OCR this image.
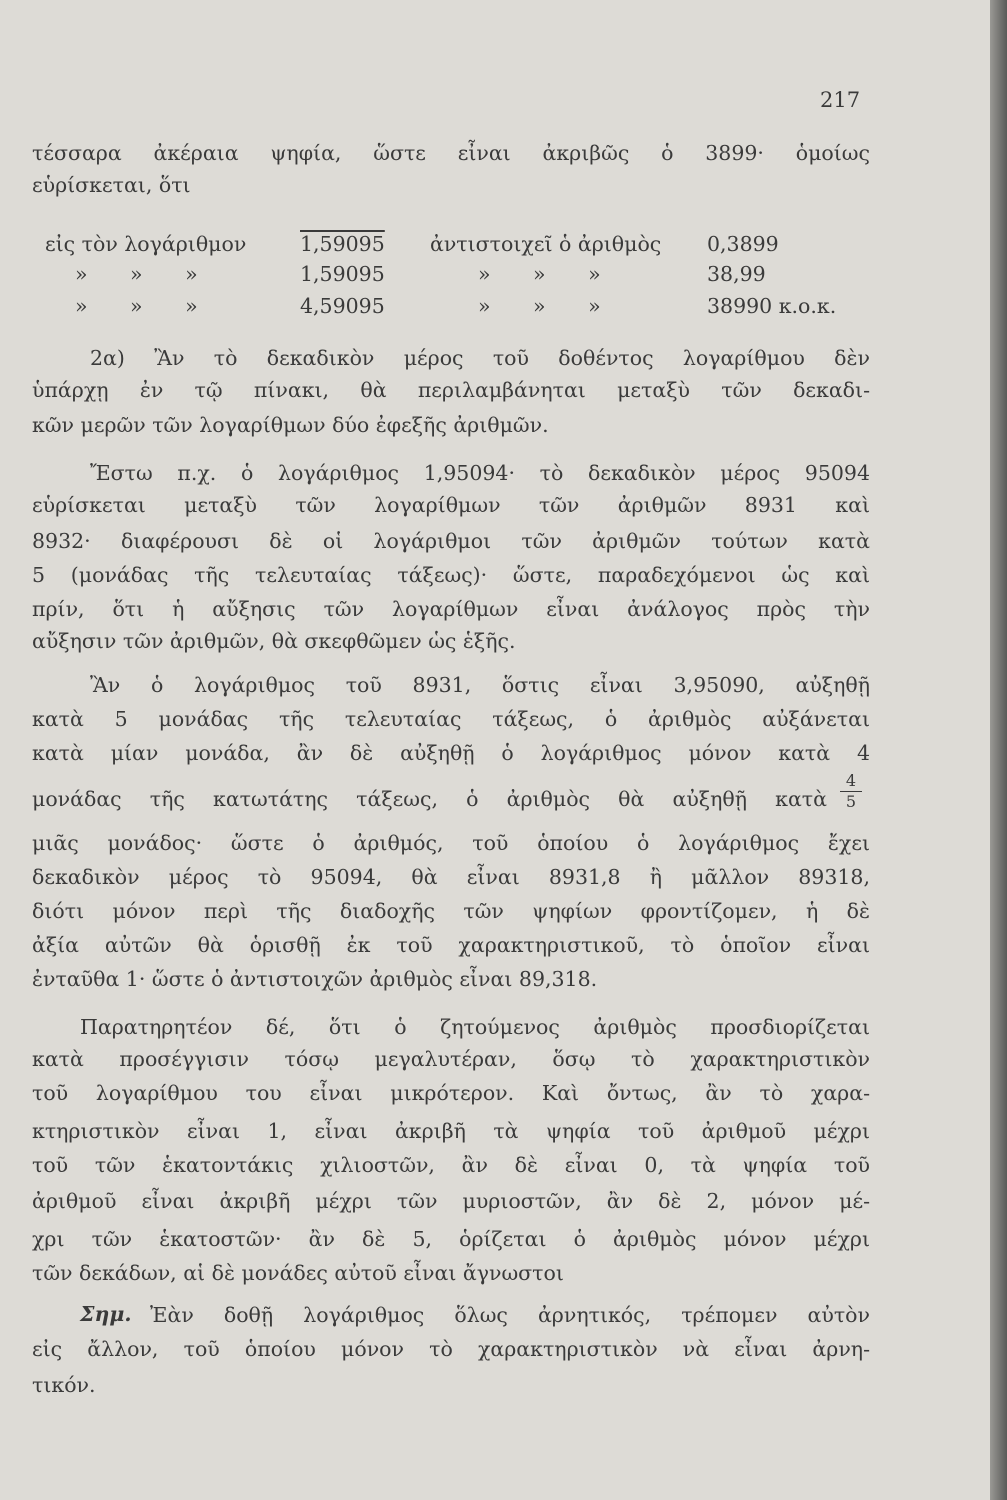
217
τέσσαρα ἀκέραια ψηφία, ὥστε εἶναι ἀκριβῶς ὁ 3899· ὁμοίως
εὑρίσκεται, ὅτι
εἰς τὸν λογάριθμον	1,59095 ἀντιστοιχεῖ ὁ ἀριθμὸς 0,3899
» » »	1,59095	» » »	38,99
» » »	4,59095	» » »	38990 κ.ο.κ.
2α) Ἂν τὸ δεκαδικὸν μέρος τοῦ δοθέντος λογαρίθμου δὲν
ὑπάρχῃ ἐν τῷ πίνακι, θὰ περιλαμβάνηται μεταξὺ τῶν δεκαδι-
κῶν μερῶν τῶν λογαρίθμων δύο ἐφεξῆς ἀριθμῶν.
Ἔστω π.χ. ὁ λογάριθμος 1,95094· τὸ δεκαδικὸν μέρος 95094
εὑρίσκεται μεταξὺ τῶν λογαρίθμων τῶν ἀριθμῶν 8931 καὶ
8932· διαφέρουσι δὲ οἱ λογάριθμοι τῶν ἀριθμῶν τούτων κατὰ
5 (μονάδας τῆς τελευταίας τάξεως)· ὥστε, παραδεχόμενοι ὡς καὶ
πρίν, ὅτι ἡ αὔξησις τῶν λογαρίθμων εἶναι ἀνάλογος πρὸς τὴν
αὔξησιν τῶν ἀριθμῶν, θὰ σκεφθῶμεν ὡς ἑξῆς.
Ἂν ὁ λογάριθμος τοῦ 8931, ὅστις εἶναι 3,95090, αὐξηθῇ
κατὰ 5 μονάδας τῆς τελευταίας τάξεως, ὁ ἀριθμὸς αὐξάνεται
κατὰ μίαν μονάδα, ἂν δὲ αὐξηθῇ ὁ λογάριθμος μόνον κατὰ 4
μονάδας τῆς κατωτάτης τάξεως, ὁ ἀριθμὸς θὰ αὐξηθῇ κατὰ
4
5
μιᾶς μονάδος· ὥστε ὁ ἀριθμός, τοῦ ὁποίου ὁ λογάριθμος ἔχει
δεκαδικὸν μέρος τὸ 95094, θὰ εἶναι 8931,8 ἢ μᾶλλον 89318,
διότι μόνον περὶ τῆς διαδοχῆς τῶν ψηφίων φροντίζομεν, ἡ δὲ
ἀξία αὐτῶν θὰ ὁρισθῇ ἐκ τοῦ χαρακτηριστικοῦ, τὸ ὁποῖον εἶναι
ἐνταῦθα 1· ὥστε ὁ ἀντιστοιχῶν ἀριθμὸς εἶναι 89,318.
Παρατηρητέον δέ, ὅτι ὁ ζητούμενος ἀριθμὸς προσδιορίζεται
κατὰ προσέγγισιν τόσῳ μεγαλυτέραν, ὅσῳ τὸ χαρακτηριστικὸν
τοῦ λογαρίθμου του εἶναι μικρότερον. Καὶ ὄντως, ἂν τὸ χαρα-
κτηριστικὸν εἶναι 1, εἶναι ἀκριβῆ τὰ ψηφία τοῦ ἀριθμοῦ μέχρι
τοῦ τῶν ἑκατοντάκις χιλιοστῶν, ἂν δὲ εἶναι 0, τὰ ψηφία τοῦ
ἀριθμοῦ εἶναι ἀκριβῆ μέχρι τῶν μυριοστῶν, ἂν δὲ 2, μόνον μέ-
χρι τῶν ἑκατοστῶν· ἂν δὲ 5, ὁρίζεται ὁ ἀριθμὸς μόνον μέχρι
τῶν δεκάδων, αἱ δὲ μονάδες αὐτοῦ εἶναι ἄγνωστοι
Σημ. Ἐὰν δοθῇ λογάριθμος ὅλως ἀρνητικός, τρέπομεν αὐτὸν
εἰς ἄλλον, τοῦ ὁποίου μόνον τὸ χαρακτηριστικὸν νὰ εἶναι ἀρνη-
τικόν.
